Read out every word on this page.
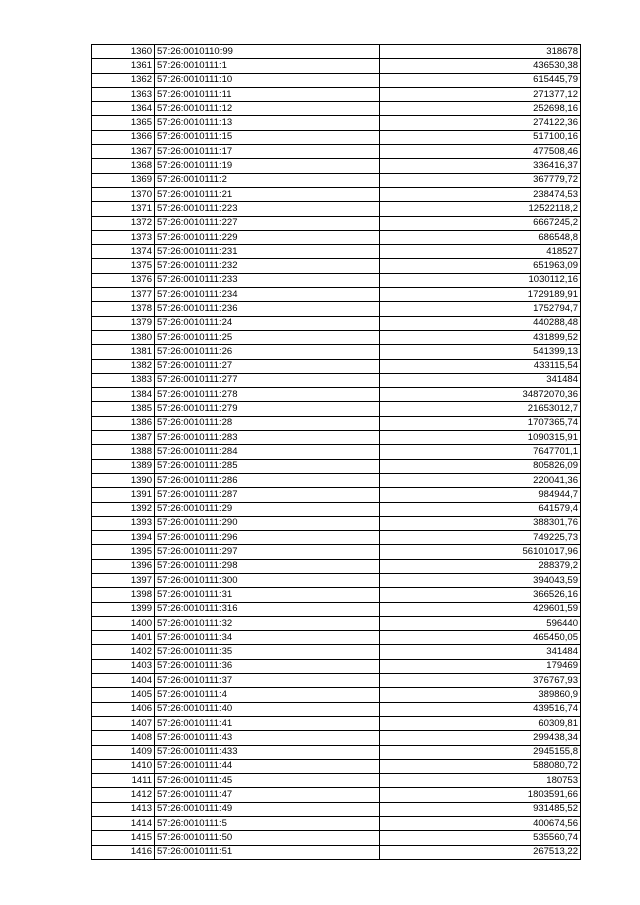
1360	57:26:0010110:99	318678
1361	57:26:0010111:1	436530,38
1362	57:26:0010111:10	615445,79
1363	57:26:0010111:11	271377,12
1364	57:26:0010111:12	252698,16
1365	57:26:0010111:13	274122,36
1366	57:26:0010111:15	517100,16
1367	57:26:0010111:17	477508,46
1368	57:26:0010111:19	336416,37
1369	57:26:0010111:2	367779,72
1370	57:26:0010111:21	238474,53
1371	57:26:0010111:223	12522118,2
1372	57:26:0010111:227	6667245,2
1373	57:26:0010111:229	686548,8
1374	57:26:0010111:231	418527
1375	57:26:0010111:232	651963,09
1376	57:26:0010111:233	1030112,16
1377	57:26:0010111:234	1729189,91
1378	57:26:0010111:236	1752794,7
1379	57:26:0010111:24	440288,48
1380	57:26:0010111:25	431899,52
1381	57:26:0010111:26	541399,13
1382	57:26:0010111:27	433115,54
1383	57:26:0010111:277	341484
1384	57:26:0010111:278	34872070,36
1385	57:26:0010111:279	21653012,7
1386	57:26:0010111:28	1707365,74
1387	57:26:0010111:283	1090315,91
1388	57:26:0010111:284	7647701,1
1389	57:26:0010111:285	805826,09
1390	57:26:0010111:286	220041,36
1391	57:26:0010111:287	984944,7
1392	57:26:0010111:29	641579,4
1393	57:26:0010111:290	388301,76
1394	57:26:0010111:296	749225,73
1395	57:26:0010111:297	56101017,96
1396	57:26:0010111:298	288379,2
1397	57:26:0010111:300	394043,59
1398	57:26:0010111:31	366526,16
1399	57:26:0010111:316	429601,59
1400	57:26:0010111:32	596440
1401	57:26:0010111:34	465450,05
1402	57:26:0010111:35	341484
1403	57:26:0010111:36	179469
1404	57:26:0010111:37	376767,93
1405	57:26:0010111:4	389860,9
1406	57:26:0010111:40	439516,74
1407	57:26:0010111:41	60309,81
1408	57:26:0010111:43	299438,34
1409	57:26:0010111:433	2945155,8
1410	57:26:0010111:44	588080,72
1411	57:26:0010111:45	180753
1412	57:26:0010111:47	1803591,66
1413	57:26:0010111:49	931485,52
1414	57:26:0010111:5	400674,56
1415	57:26:0010111:50	535560,74
1416	57:26:0010111:51	267513,22
